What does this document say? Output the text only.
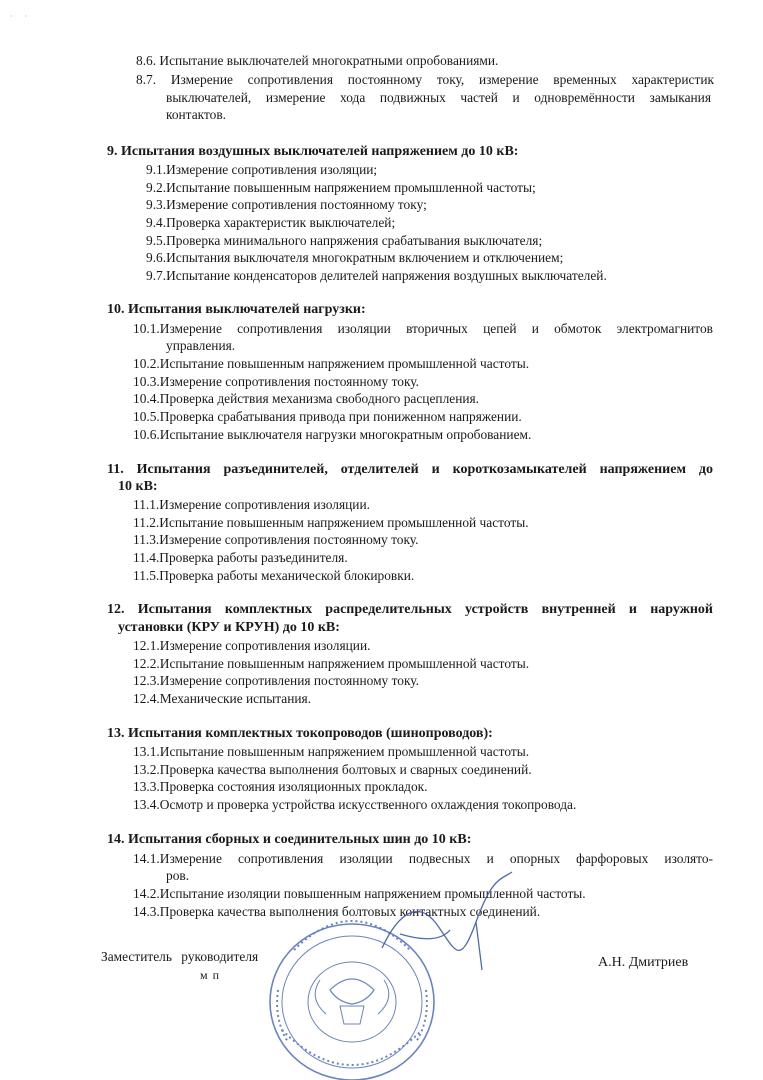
·      ·
8.6. Испытание выключателей многократными опробованиями.
8.7. Измерение сопротивления постоянному току, измерение временных характеристик
выключателей, измерение хода подвижных частей и одновремённости замыкания
контактов.
9. Испытания воздушных выключателей напряжением до 10 кВ:
9.1.Измерение сопротивления изоляции;
9.2.Испытание повышенным напряжением промышленной частоты;
9.3.Измерение сопротивления постоянному току;
9.4.Проверка характеристик выключателей;
9.5.Проверка минимального напряжения срабатывания выключателя;
9.6.Испытания выключателя многократным включением и отключением;
9.7.Испытание конденсаторов делителей напряжения воздушных выключателей.
10. Испытания выключателей нагрузки:
10.1.Измерение сопротивления изоляции вторичных цепей и обмоток электромагнитов
управления.
10.2.Испытание повышенным напряжением промышленной частоты.
10.3.Измерение сопротивления постоянному току.
10.4.Проверка действия механизма свободного расцепления.
10.5.Проверка срабатывания привода при пониженном напряжении.
10.6.Испытание выключателя нагрузки многократным опробованием.
11. Испытания разъединителей, отделителей и короткозамыкателей напряжением до
10 кВ:
11.1.Измерение сопротивления изоляции.
11.2.Испытание повышенным напряжением промышленной частоты.
11.3.Измерение сопротивления постоянному току.
11.4.Проверка работы разъединителя.
11.5.Проверка работы механической блокировки.
12. Испытания комплектных распределительных устройств внутренней и наружной
установки (КРУ и КРУН) до 10 кВ:
12.1.Измерение сопротивления изоляции.
12.2.Испытание повышенным напряжением промышленной частоты.
12.3.Измерение сопротивления постоянному току.
12.4.Механические испытания.
13. Испытания комплектных токопроводов (шинопроводов):
13.1.Испытание повышенным напряжением промышленной частоты.
13.2.Проверка качества выполнения болтовых и сварных соединений.
13.3.Проверка состояния изоляционных прокладок.
13.4.Осмотр и проверка устройства искусственного охлаждения токопровода.
14. Испытания сборных и соединительных шин до 10 кВ:
14.1.Измерение сопротивления изоляции подвесных и опорных фарфоровых изолято-
ров.
14.2.Испытание изоляции повышенным напряжением промышленной частоты.
14.3.Проверка качества выполнения болтовых контактных соединений.
Заместитель руководителя
м п
А.Н. Дмитриев
